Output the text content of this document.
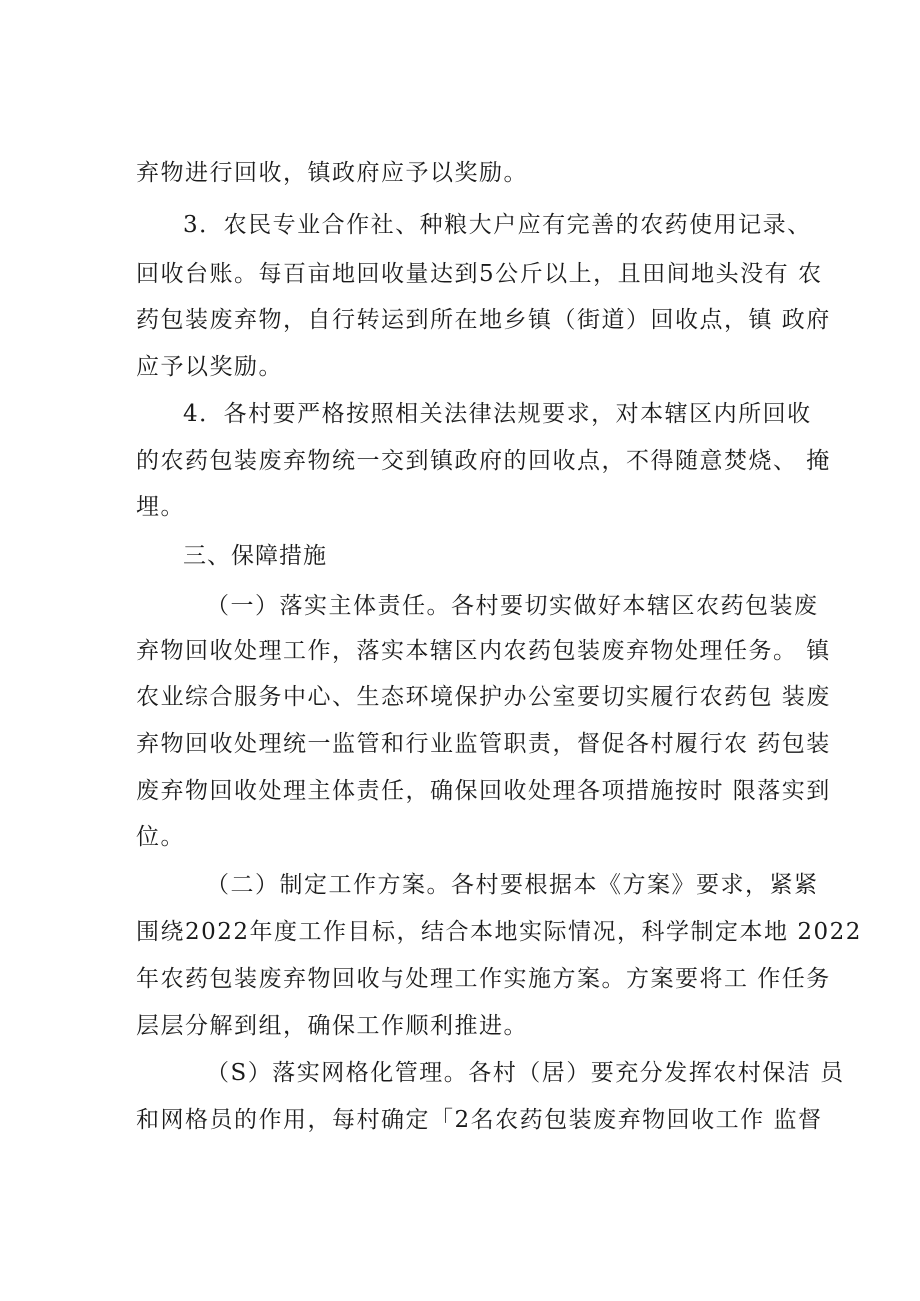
弃物进行回收，镇政府应予以奖励。
3．农民专业合作社、种粮大户应有完善的农药使用记录、
回收台账。每百亩地回收量达到5公斤以上，且田间地头没有 农
药包装废弃物，自行转运到所在地乡镇（街道）回收点，镇 政府
应予以奖励。
4．各村要严格按照相关法律法规要求，对本辖区内所回收
的农药包装废弃物统一交到镇政府的回收点，不得随意焚烧、 掩
埋。
三、保障措施
（一）落实主体责任。各村要切实做好本辖区农药包装废
弃物回收处理工作，落实本辖区内农药包装废弃物处理任务。 镇
农业综合服务中心、生态环境保护办公室要切实履行农药包 装废
弃物回收处理统一监管和行业监管职责，督促各村履行农 药包装
废弃物回收处理主体责任，确保回收处理各项措施按时 限落实到
位。
（二）制定工作方案。各村要根据本《方案》要求，紧紧
围绕2022年度工作目标，结合本地实际情况，科学制定本地 2022
年农药包装废弃物回收与处理工作实施方案。方案要将工 作任务
层层分解到组，确保工作顺利推进。
（S）落实网格化管理。各村（居）要充分发挥农村保洁 员
和网格员的作用，每村确定「2名农药包装废弃物回收工作 监督
